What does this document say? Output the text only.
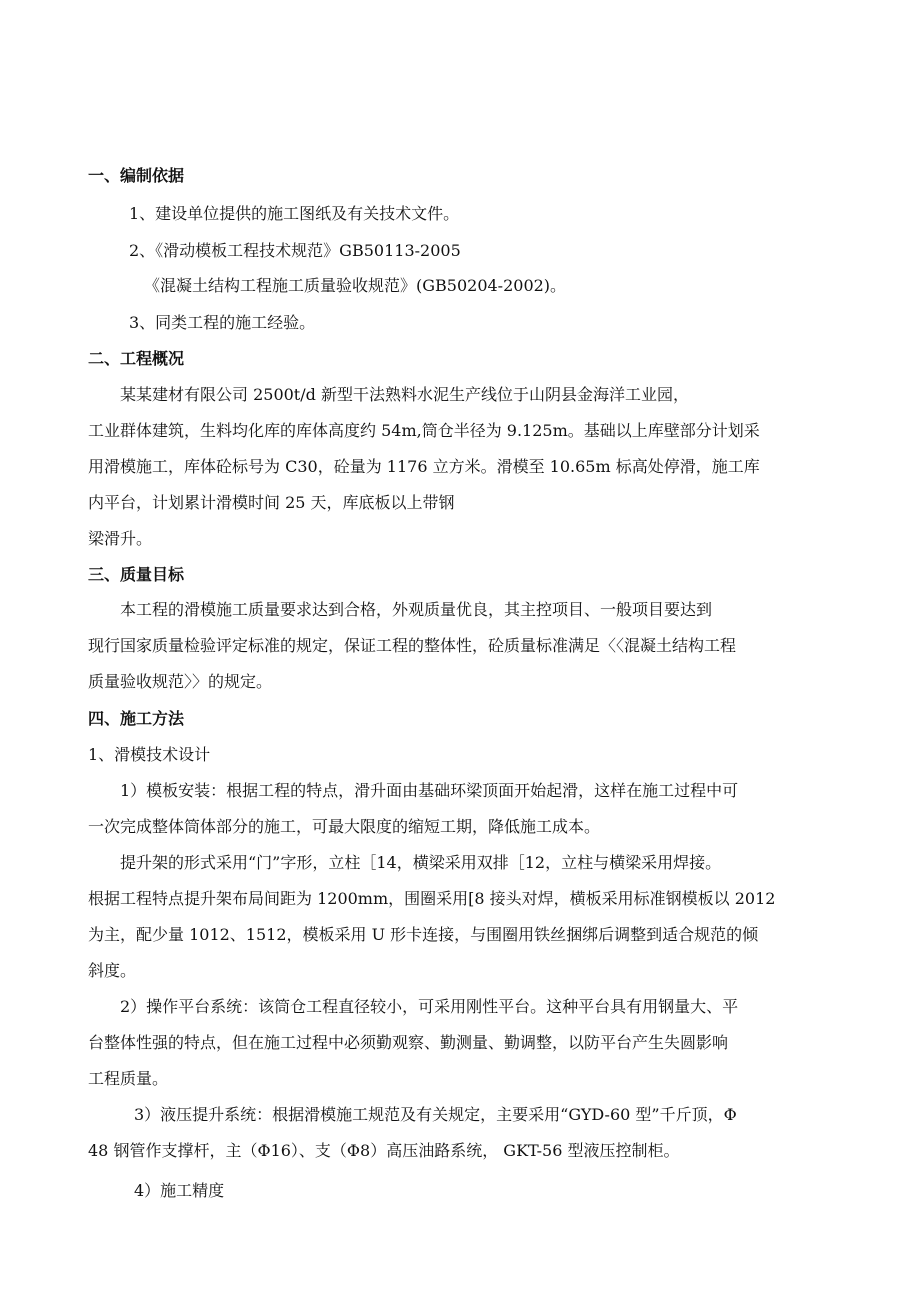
一、编制依据

1、建设单位提供的施工图纸及有关技术文件。

2、《滑动模板工程技术规范》GB50113-2005

《混凝土结构工程施工质量验收规范》(GB50204-2002)。

3、同类工程的施工经验。

二、工程概况

某某建材有限公司 2500t/d 新型干法熟料水泥生产线位于山阴县金海洋工业园，

工业群体建筑，生料均化库的库体高度约 54m,筒仓半径为 9.125m。基础以上库壁部分计划采

用滑模施工，库体砼标号为 C30，砼量为 1176 立方米。滑模至 10.65m 标高处停滑，施工库

内平台，计划累计滑模时间 25 天，库底板以上带钢

梁滑升。

三、质量目标

本工程的滑模施工质量要求达到合格，外观质量优良，其主控项目、一般项目要达到

现行国家质量检验评定标准的规定，保证工程的整体性，砼质量标准满足〈〈混凝土结构工程

质量验收规范〉〉的规定。

四、施工方法

1、滑模技术设计

1）模板安装：根据工程的特点，滑升面由基础环梁顶面开始起滑，这样在施工过程中可

一次完成整体筒体部分的施工，可最大限度的缩短工期，降低施工成本。

提升架的形式采用“门”字形，立柱［14，横梁采用双排［12，立柱与横梁采用焊接。

根据工程特点提升架布局间距为 1200mm，围圈采用[8 接头对焊，横板采用标准钢模板以 2012

为主，配少量 1012、1512，模板采用 U 形卡连接，与围圈用铁丝捆绑后调整到适合规范的倾

斜度。

2）操作平台系统：该筒仓工程直径较小，可采用刚性平台。这种平台具有用钢量大、平

台整体性强的特点，但在施工过程中必须勤观察、勤测量、勤调整，以防平台产生失圆影响

工程质量。

3）液压提升系统：根据滑模施工规范及有关规定，主要采用“GYD-60 型”千斤顶，Φ

48 钢管作支撑杆，主（Φ16）、支（Φ8）高压油路系统， GKT-56 型液压控制柜。

4）施工精度
